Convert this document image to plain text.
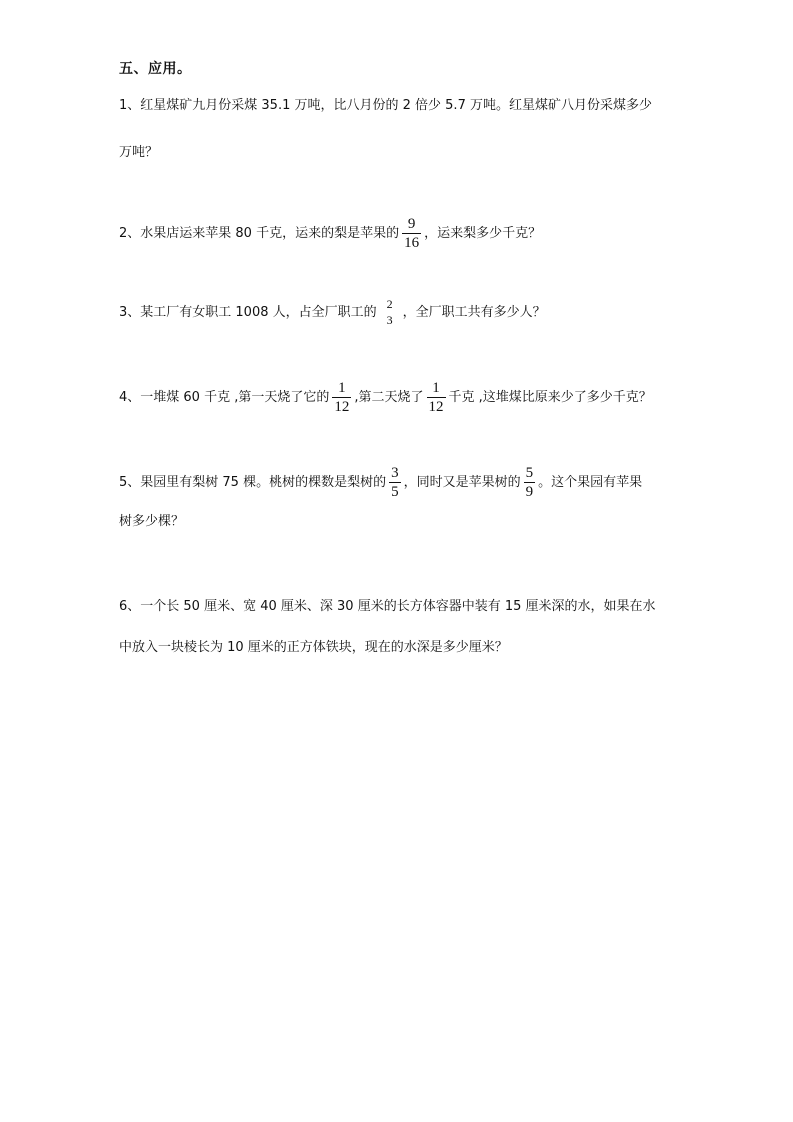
五、应用。
1、 红星煤矿九月份采煤 35.1 万吨，比八月份的 2 倍少 5.7 万吨。红星煤矿八月份采煤多少
万吨？
2、 水果店运来苹果 80 千克，运来的梨是苹果的 $\frac{9}{16}$ ，运来梨多少千克？
3、 某工厂有女职工 1008 人，占全厂职工的
2
3
，全厂职工共有多少人？
4、 一堆煤 60 千克 ,第一天烧了它的 $\frac{1}{12}$ ,第二天烧了 $\frac{1}{12}$ 千克 ,这堆煤比原来少了多少千克？
5、 果园里有梨树 75 棵。桃树的棵数是梨树的 $\frac{3}{5}$ ，同时又是苹果树的 $\frac{5}{9}$ 。这个果园有苹果
树多少棵？
6、 一个长 50 厘米、宽 40 厘米、深 30 厘米的长方体容器中装有 15 厘米深的水，如果在水
中放入一块棱长为 10 厘米的正方体铁块，现在的水深是多少厘米？
